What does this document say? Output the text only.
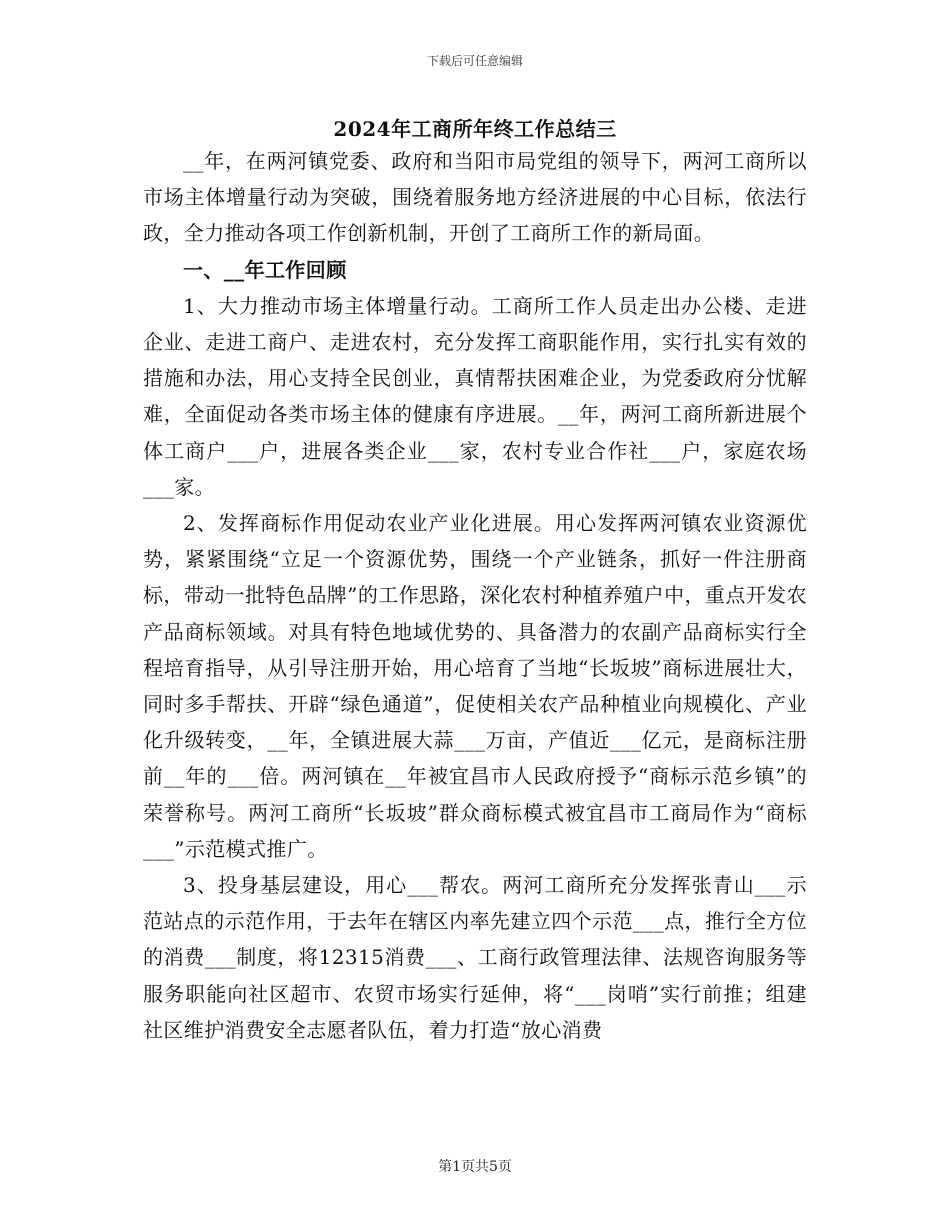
下载后可任意编辑
2024年工商所年终工作总结三

__年，在两河镇党委、政府和当阳市局党组的领导下，两河工商所以市场主体增量行动为突破，围绕着服务地方经济进展的中心目标，依法行政，全力推动各项工作创新机制，开创了工商所工作的新局面。

一、__年工作回顾

1、大力推动市场主体增量行动。工商所工作人员走出办公楼、走进企业、走进工商户、走进农村，充分发挥工商职能作用，实行扎实有效的措施和办法，用心支持全民创业，真情帮扶困难企业，为党委政府分忧解难，全面促动各类市场主体的健康有序进展。__年，两河工商所新进展个体工商户___户，进展各类企业___家，农村专业合作社___户，家庭农场___家。

2、发挥商标作用促动农业产业化进展。用心发挥两河镇农业资源优势，紧紧围绕“立足一个资源优势，围绕一个产业链条，抓好一件注册商标，带动一批特色品牌”的工作思路，深化农村种植养殖户中，重点开发农产品商标领域。对具有特色地域优势的、具备潜力的农副产品商标实行全程培育指导，从引导注册开始，用心培育了当地“长坂坡”商标进展壮大，同时多手帮扶、开辟“绿色通道”，促使相关农产品种植业向规模化、产业化升级转变，__年，全镇进展大蒜___万亩，产值近___亿元，是商标注册前__年的___倍。两河镇在__年被宜昌市人民政府授予“商标示范乡镇”的荣誉称号。两河工商所“长坂坡”群众商标模式被宜昌市工商局作为“商标___”示范模式推广。

3、投身基层建设，用心___帮农。两河工商所充分发挥张青山___示范站点的示范作用，于去年在辖区内率先建立四个示范___点，推行全方位的消费___制度，将12315消费___、工商行政管理法律、法规咨询服务等服务职能向社区超市、农贸市场实行延伸，将“___岗哨”实行前推；组建社区维护消费安全志愿者队伍，着力打造“放心消费

第1页共5页
